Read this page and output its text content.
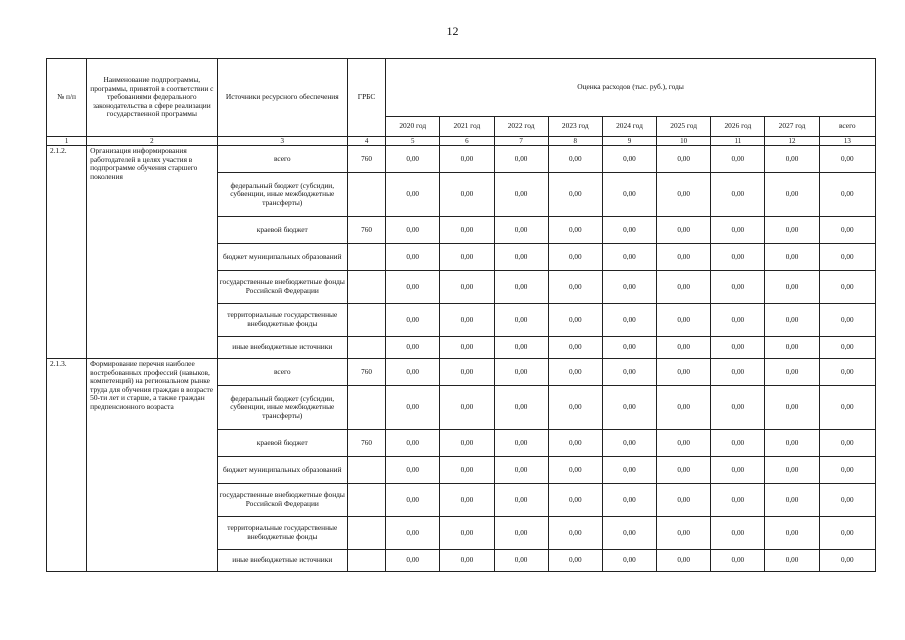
12
№ п/п	Наименование подпрограммы, программы, принятой в соответствии с требованиями федерального законодательства в сфере реализации государственной программы	Источники ресурсного обеспечения	ГРБС	Оценка расходов (тыс. руб.), годы								
				2020 год	2021 год	2022 год	2023 год	2024 год	2025 год	2026 год	2027 год	всего
1	2	3	4	5	6	7	8	9	10	11	12	13
2.1.2.	Организация информирования работодателей в целях участия в подпрограмме обучения старшего поколения	всего	760	0,00	0,00	0,00	0,00	0,00	0,00	0,00	0,00	0,00
		федеральный бюджет (субсидии, субвенции, иные межбюджетные трансферты)		0,00	0,00	0,00	0,00	0,00	0,00	0,00	0,00	0,00
		краевой бюджет	760	0,00	0,00	0,00	0,00	0,00	0,00	0,00	0,00	0,00
		бюджет муниципальных образований		0,00	0,00	0,00	0,00	0,00	0,00	0,00	0,00	0,00
		государственные внебюджетные фонды Российской Федерации		0,00	0,00	0,00	0,00	0,00	0,00	0,00	0,00	0,00
		территориальные государственные внебюджетные фонды		0,00	0,00	0,00	0,00	0,00	0,00	0,00	0,00	0,00
		иные внебюджетные источники		0,00	0,00	0,00	0,00	0,00	0,00	0,00	0,00	0,00
2.1.3.	Формирование перечня наиболее востребованных профессий (навыков, компетенций) на региональном рынке труда для обучения граждан в возрасте 50-ти лет и старше, а также граждан предпенсионного возраста	всего	760	0,00	0,00	0,00	0,00	0,00	0,00	0,00	0,00	0,00
		федеральный бюджет (субсидии, субвенции, иные межбюджетные трансферты)		0,00	0,00	0,00	0,00	0,00	0,00	0,00	0,00	0,00
		краевой бюджет	760	0,00	0,00	0,00	0,00	0,00	0,00	0,00	0,00	0,00
		бюджет муниципальных образований		0,00	0,00	0,00	0,00	0,00	0,00	0,00	0,00	0,00
		государственные внебюджетные фонды Российской Федерации		0,00	0,00	0,00	0,00	0,00	0,00	0,00	0,00	0,00
		территориальные государственные внебюджетные фонды		0,00	0,00	0,00	0,00	0,00	0,00	0,00	0,00	0,00
		иные внебюджетные источники		0,00	0,00	0,00	0,00	0,00	0,00	0,00	0,00	0,00
